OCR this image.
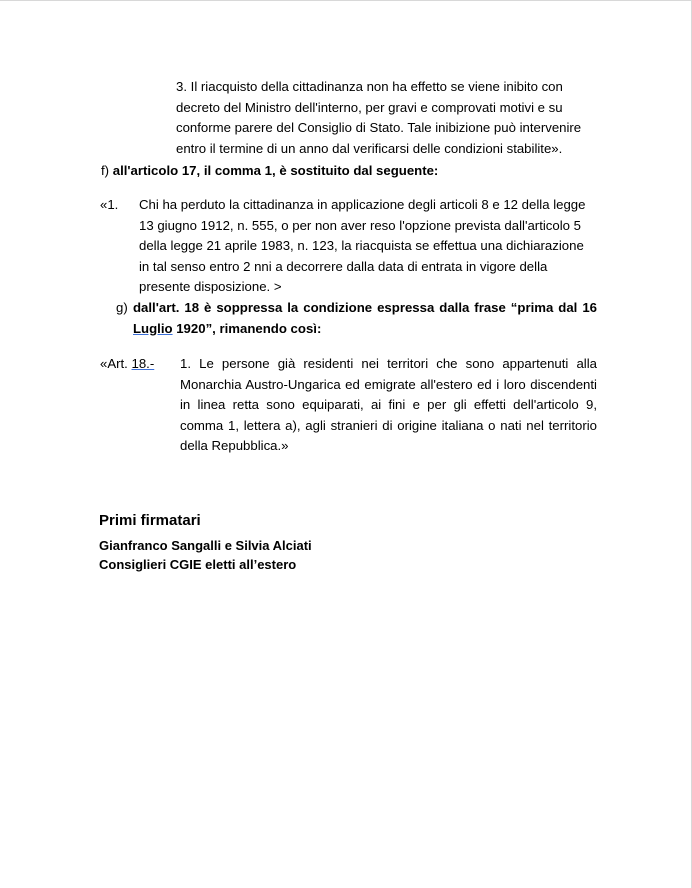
3. Il riacquisto della cittadinanza non ha effetto se viene inibito con

decreto del Ministro dell'interno, per gravi e comprovati motivi e su

conforme parere del Consiglio di Stato. Tale inibizione può intervenire

entro il termine di un anno dal verificarsi delle condizioni stabilite».

f) all'articolo 17, il comma 1, è sostituito dal seguente:
«1. Chi ha perduto la cittadinanza in applicazione degli articoli 8 e 12 della legge
13 giugno 1912, n. 555, o per non aver reso l'opzione prevista dall'articolo 5
della legge 21 aprile 1983, n. 123, la riacquista se effettua una dichiarazione
in tal senso entro 2 nni a decorrere dalla data di entrata in vigore della
presente disposizione. >
g) dall'art. 18 è soppressa la condizione espressa dalla frase “prima dal 16 Luglio 1920”, rimanendo così:
«Art. 18.- 1. Le persone già residenti nei territori che sono appartenuti alla Monarchia Austro-Ungarica ed emigrate all'estero ed i loro discendenti in linea retta sono equiparati, ai fini e per gli effetti dell'articolo 9, comma 1, lettera a), agli stranieri di origine italiana o nati nel territorio della Repubblica.»
Primi firmatari
Gianfranco Sangalli e Silvia Alciati
Consiglieri CGIE eletti all’estero
